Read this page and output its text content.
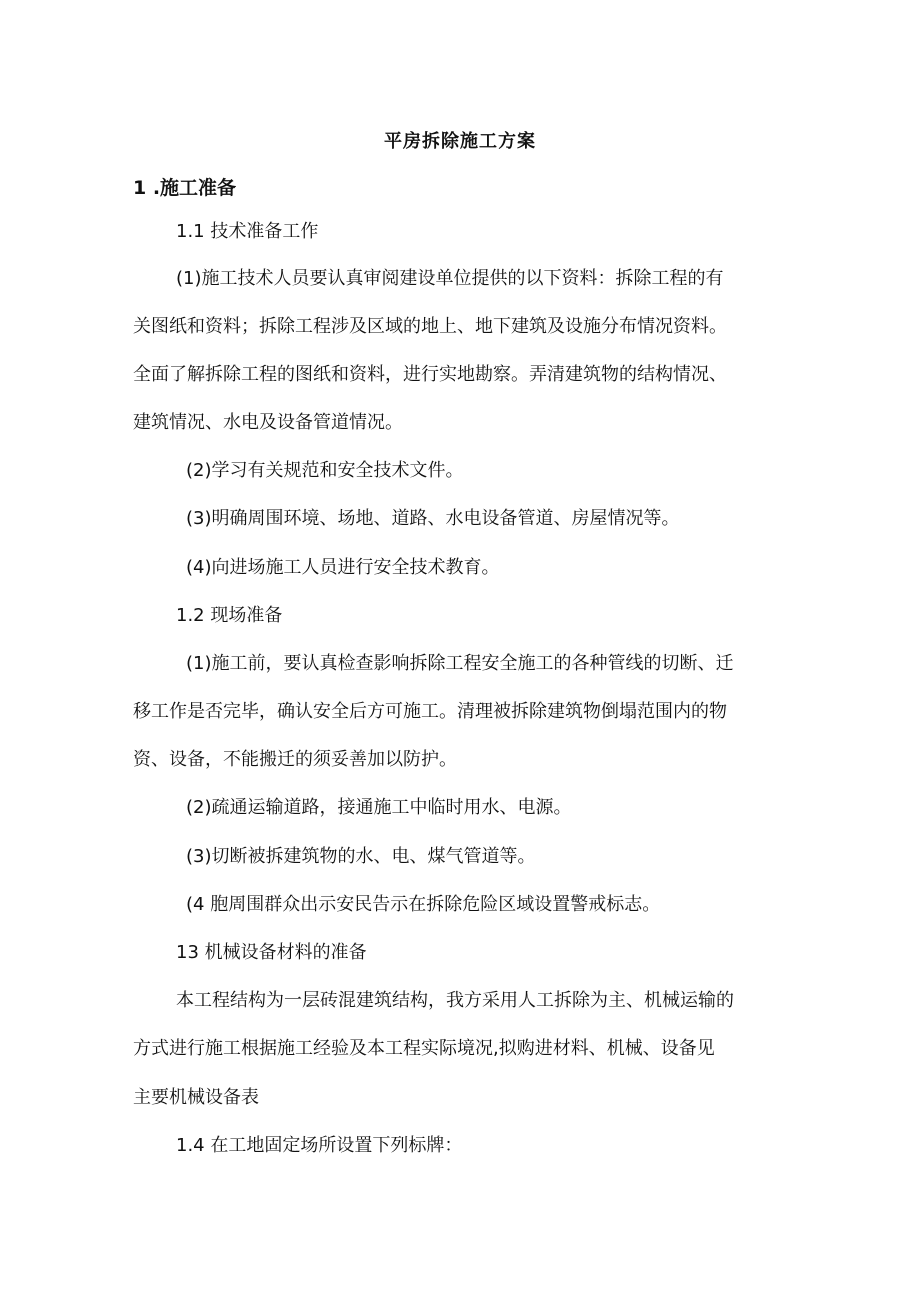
平房拆除施工方案
1 .施工准备
1.1 技术准备工作
(1)施工技术人员要认真审阅建设单位提供的以下资料：拆除工程的有
关图纸和资料；拆除工程涉及区域的地上、地下建筑及设施分布情况资料。
全面了解拆除工程的图纸和资料，进行实地勘察。弄清建筑物的结构情况、
建筑情况、水电及设备管道情况。
(2)学习有关规范和安全技术文件。
(3)明确周围环境、场地、道路、水电设备管道、房屋情况等。
(4)向进场施工人员进行安全技术教育。
1.2 现场准备
(1)施工前，要认真检查影响拆除工程安全施工的各种管线的切断、迁
移工作是否完毕，确认安全后方可施工。清理被拆除建筑物倒塌范围内的物
资、设备，不能搬迁的须妥善加以防护。
(2)疏通运输道路，接通施工中临时用水、电源。
(3)切断被拆建筑物的水、电、煤气管道等。
(4 胞周围群众出示安民告示在拆除危险区域设置警戒标志。
13 机械设备材料的准备
本工程结构为一层砖混建筑结构，我方采用人工拆除为主、机械运输的
方式进行施工根据施工经验及本工程实际境况,拟购进材料、机械、设备见
主要机械设备表
1.4 在工地固定场所设置下列标牌：
